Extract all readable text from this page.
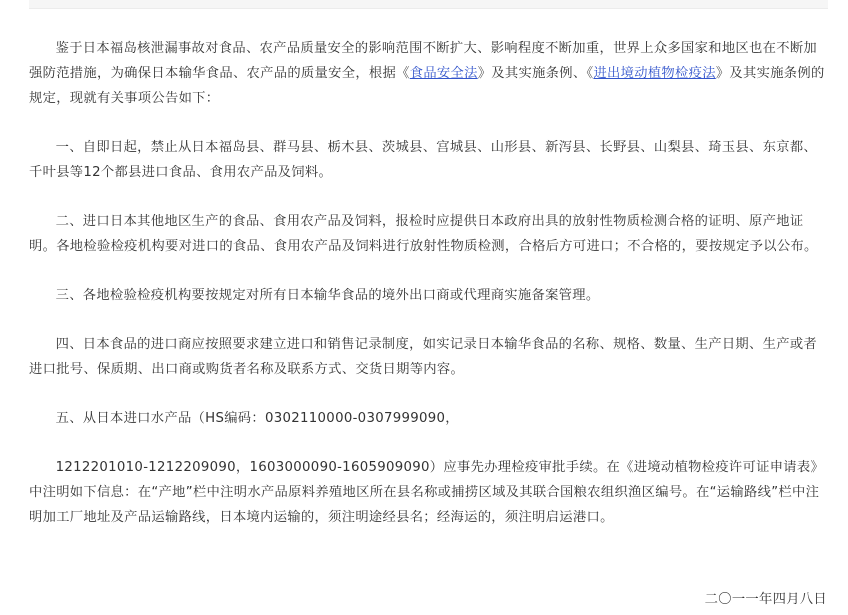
鉴于日本福岛核泄漏事故对食品、农产品质量安全的影响范围不断扩大、影响程度不断加重，世界上众多国家和地区也在不断加强防范措施，为确保日本输华食品、农产品的质量安全，根据《食品安全法》及其实施条例、《进出境动植物检疫法》及其实施条例的规定，现就有关事项公告如下：

一、自即日起，禁止从日本福岛县、群马县、栃木县、茨城县、宫城县、山形县、新泻县、长野县、山梨县、琦玉县、东京都、千叶县等12个都县进口食品、食用农产品及饲料。

二、进口日本其他地区生产的食品、食用农产品及饲料，报检时应提供日本政府出具的放射性物质检测合格的证明、原产地证明。各地检验检疫机构要对进口的食品、食用农产品及饲料进行放射性物质检测，合格后方可进口；不合格的，要按规定予以公布。

三、各地检验检疫机构要按规定对所有日本输华食品的境外出口商或代理商实施备案管理。

四、日本食品的进口商应按照要求建立进口和销售记录制度，如实记录日本输华食品的名称、规格、数量、生产日期、生产或者进口批号、保质期、出口商或购货者名称及联系方式、交货日期等内容。

五、从日本进口水产品（HS编码：0302110000-0307999090，

1212201010-1212209090，1603000090-1605909090）应事先办理检疫审批手续。在《进境动植物检疫许可证申请表》中注明如下信息：在“产地”栏中注明水产品原料养殖地区所在县名称或捕捞区域及其联合国粮农组织渔区编号。在“运输路线”栏中注明加工厂地址及产品运输路线，日本境内运输的，须注明途经县名；经海运的，须注明启运港口。

二〇一一年四月八日
